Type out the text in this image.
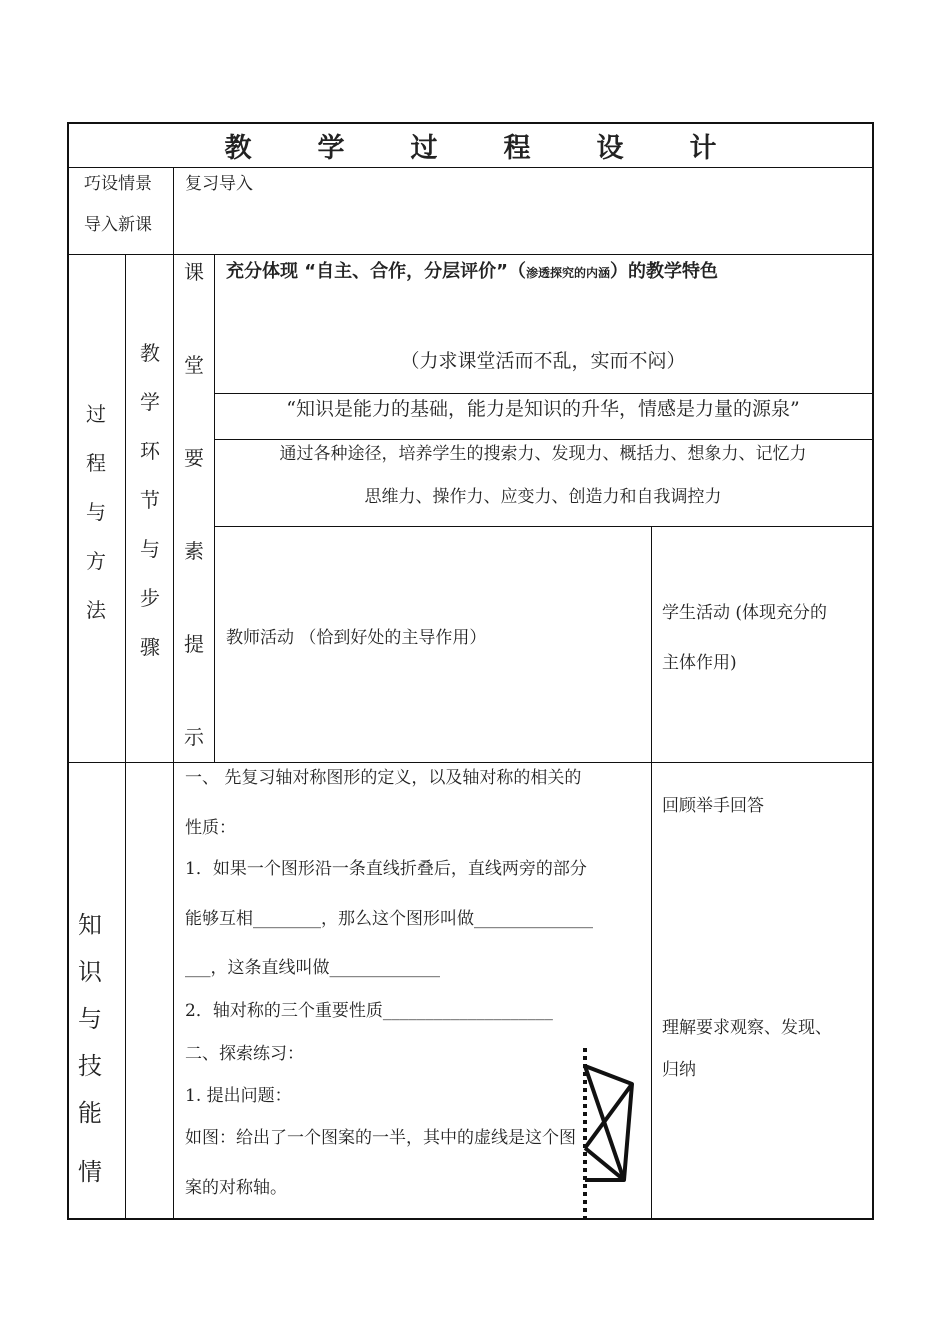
教 学 过 程 设 计
巧设情景
导入新课
复习导入
过
程
与
方
法
教
学
环
节
与
步
骤
课
堂
要
素
提
示
充分体现 “自主、合作，分层评价”（渗透探究的内涵）的教学特色
（力求课堂活而不乱，实而不闷）
“知识是能力的基础，能力是知识的升华，情感是力量的源泉”
通过各种途径，培养学生的搜索力、发现力、概括力、想象力、记忆力
思维力、操作力、应变力、创造力和自我调控力
教师活动 （恰到好处的主导作用）
学生活动 (体现充分的
主体作用)
知
识
与
技
能
情
一、 先复习轴对称图形的定义，以及轴对称的相关的
性质：
1．如果一个图形沿一条直线折叠后，直线两旁的部分
能够互相________，那么这个图形叫做______________
___，这条直线叫做_____________
2．轴对称的三个重要性质____________________
二、探索练习：
1. 提出问题：
如图：给出了一个图案的一半，其中的虚线是这个图
案的对称轴。
回顾举手回答
理解要求观察、发现、
归纳
